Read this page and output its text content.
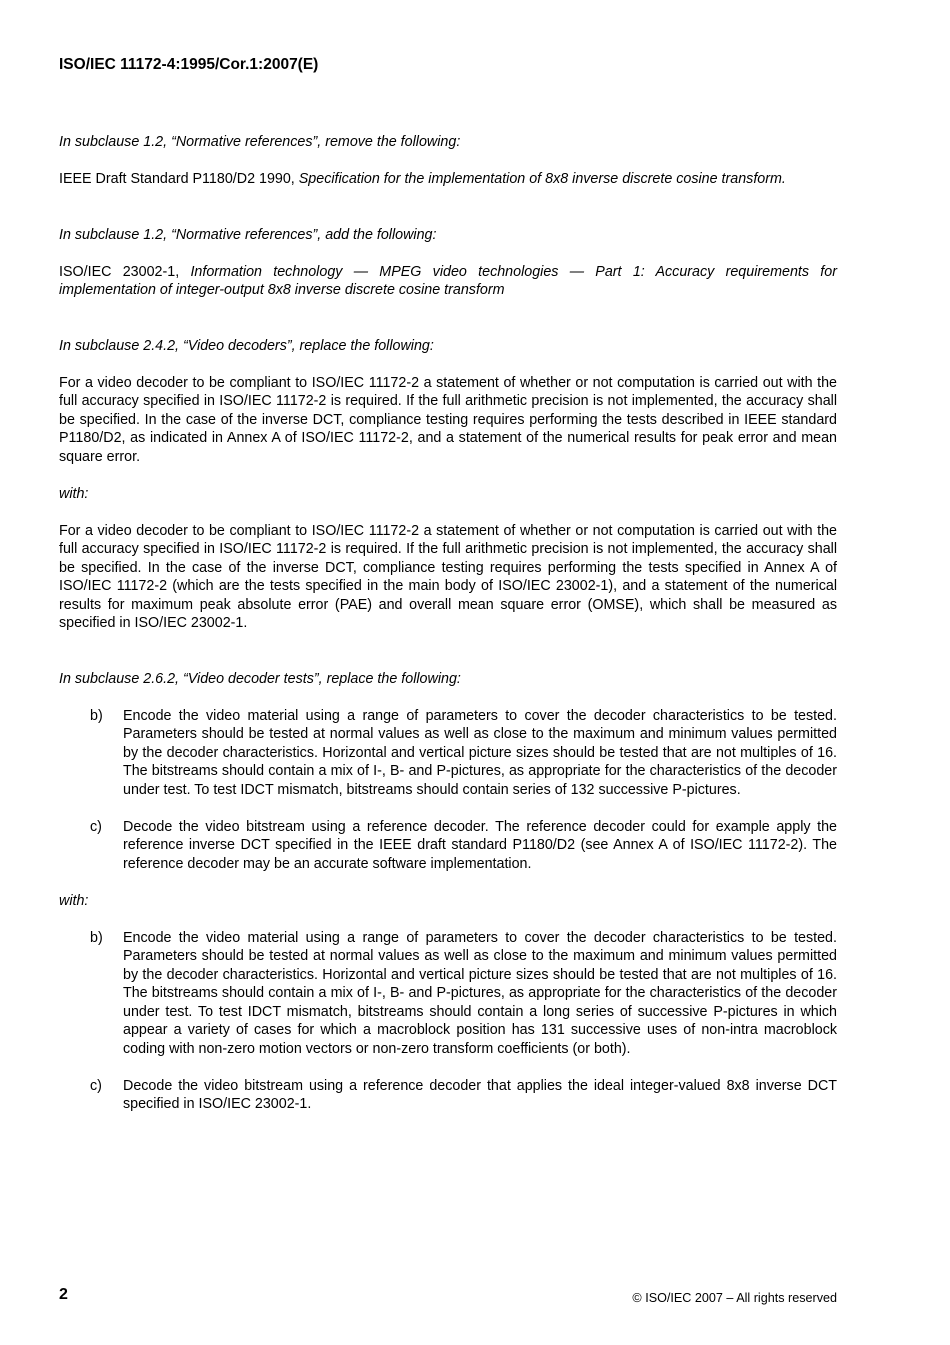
ISO/IEC 11172-4:1995/Cor.1:2007(E)

In subclause 1.2, “Normative references”, remove the following:

IEEE Draft Standard P1180/D2 1990, Specification for the implementation of 8x8 inverse discrete cosine transform.

In subclause 1.2, “Normative references”, add the following:

ISO/IEC 23002-1, Information technology — MPEG video technologies — Part 1: Accuracy requirements for implementation of integer-output 8x8 inverse discrete cosine transform

In subclause 2.4.2, “Video decoders”, replace the following:

For a video decoder to be compliant to ISO/IEC 11172-2 a statement of whether or not computation is carried out with the full accuracy specified in ISO/IEC 11172-2 is required. If the full arithmetic precision is not implemented, the accuracy shall be specified. In the case of the inverse DCT, compliance testing requires performing the tests described in IEEE standard P1180/D2, as indicated in Annex A of ISO/IEC 11172-2, and a statement of the numerical results for peak error and mean square error.

with:

For a video decoder to be compliant to ISO/IEC 11172-2 a statement of whether or not computation is carried out with the full accuracy specified in ISO/IEC 11172-2 is required. If the full arithmetic precision is not implemented, the accuracy shall be specified. In the case of the inverse DCT, compliance testing requires performing the tests specified in Annex A of ISO/IEC 11172-2 (which are the tests specified in the main body of ISO/IEC 23002-1), and a statement of the numerical results for maximum peak absolute error (PAE) and overall mean square error (OMSE), which shall be measured as specified in ISO/IEC 23002-1.

In subclause 2.6.2, “Video decoder tests”, replace the following:

b) Encode the video material using a range of parameters to cover the decoder characteristics to be tested. Parameters should be tested at normal values as well as close to the maximum and minimum values permitted by the decoder characteristics. Horizontal and vertical picture sizes should be tested that are not multiples of 16. The bitstreams should contain a mix of I-, B- and P-pictures, as appropriate for the characteristics of the decoder under test. To test IDCT mismatch, bitstreams should contain series of 132 successive P-pictures.
c) Decode the video bitstream using a reference decoder. The reference decoder could for example apply the reference inverse DCT specified in the IEEE draft standard P1180/D2 (see Annex A of ISO/IEC 11172-2). The reference decoder may be an accurate software implementation.

with:

b) Encode the video material using a range of parameters to cover the decoder characteristics to be tested. Parameters should be tested at normal values as well as close to the maximum and minimum values permitted by the decoder characteristics. Horizontal and vertical picture sizes should be tested that are not multiples of 16. The bitstreams should contain a mix of I-, B- and P-pictures, as appropriate for the characteristics of the decoder under test. To test IDCT mismatch, bitstreams should contain a long series of successive P-pictures in which appear a variety of cases for which a macroblock position has 131 successive uses of non-intra macroblock coding with non-zero motion vectors or non-zero transform coefficients (or both).
c) Decode the video bitstream using a reference decoder that applies the ideal integer-valued 8x8 inverse DCT specified in ISO/IEC 23002-1.
2	© ISO/IEC 2007 – All rights reserved
